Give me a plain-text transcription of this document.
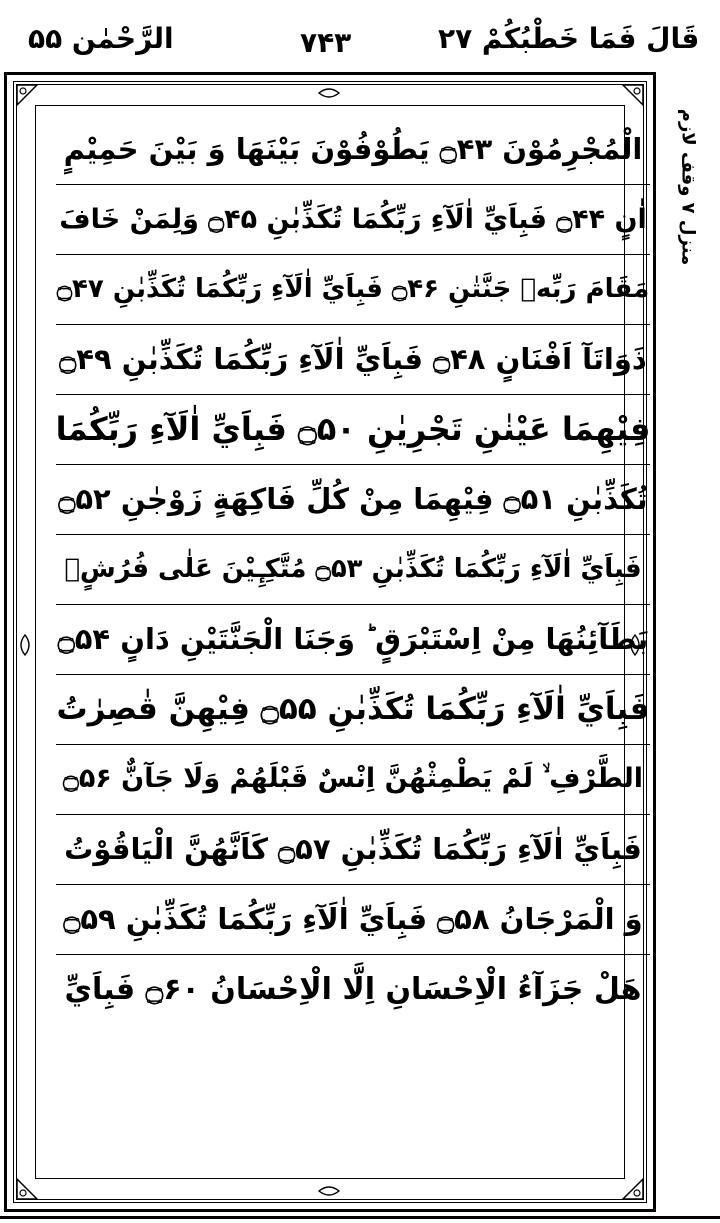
الرَّحْمٰن ۵۵	۷۴۳	قَالَ فَمَا خَطْبُكُمْ ۲۷
الْمُجْرِمُوْنَ ۝۴۳ يَطُوْفُوْنَ بَيْنَهَا وَ بَيْنَ حَمِيْمٍ
اٰنٍ ۝۴۴ فَبِاَيِّ اٰلَآءِ رَبِّكُمَا تُكَذِّبٰنِ ۝۴۵ وَلِمَنْ خَافَ
مَقَامَ رَبِّهٖ جَنَّتٰنِ ۝۴۶ فَبِاَيِّ اٰلَآءِ رَبِّكُمَا تُكَذِّبٰنِ ۝۴۷
ذَوَاتَآ اَفْنَانٍ ۝۴۸ فَبِاَيِّ اٰلَآءِ رَبِّكُمَا تُكَذِّبٰنِ ۝۴۹
فِيْهِمَا عَيْنٰنِ تَجْرِيٰنِ ۝۵۰ فَبِاَيِّ اٰلَآءِ رَبِّكُمَا
تُكَذِّبٰنِ ۝۵۱ فِيْهِمَا مِنْ كُلِّ فَاكِهَةٍ زَوْجٰنِ ۝۵۲
فَبِاَيِّ اٰلَآءِ رَبِّكُمَا تُكَذِّبٰنِ ۝۵۳ مُتَّكِـِٕيْنَ عَلٰى فُرُشٍۭ
بَطَآئِنُهَا مِنْ اِسْتَبْرَقٍ ؕ وَجَنَا الْجَنَّتَيْنِ دَانٍ ۝۵۴
فَبِاَيِّ اٰلَآءِ رَبِّكُمَا تُكَذِّبٰنِ ۝۵۵ فِيْهِنَّ قٰصِرٰتُ
الطَّرْفِ ۙ لَمْ يَطْمِثْهُنَّ اِنْسٌ قَبْلَهُمْ وَلَا جَآنٌّ ۝۵۶
فَبِاَيِّ اٰلَآءِ رَبِّكُمَا تُكَذِّبٰنِ ۝۵۷ كَاَنَّهُنَّ الْيَاقُوْتُ
وَ الْمَرْجَانُ ۝۵۸ فَبِاَيِّ اٰلَآءِ رَبِّكُمَا تُكَذِّبٰنِ ۝۵۹
هَلْ جَزَآءُ الْاِحْسَانِ اِلَّا الْاِحْسَانُ ۝۶۰ فَبِاَيِّ
منزل ۷ وقف لازم
